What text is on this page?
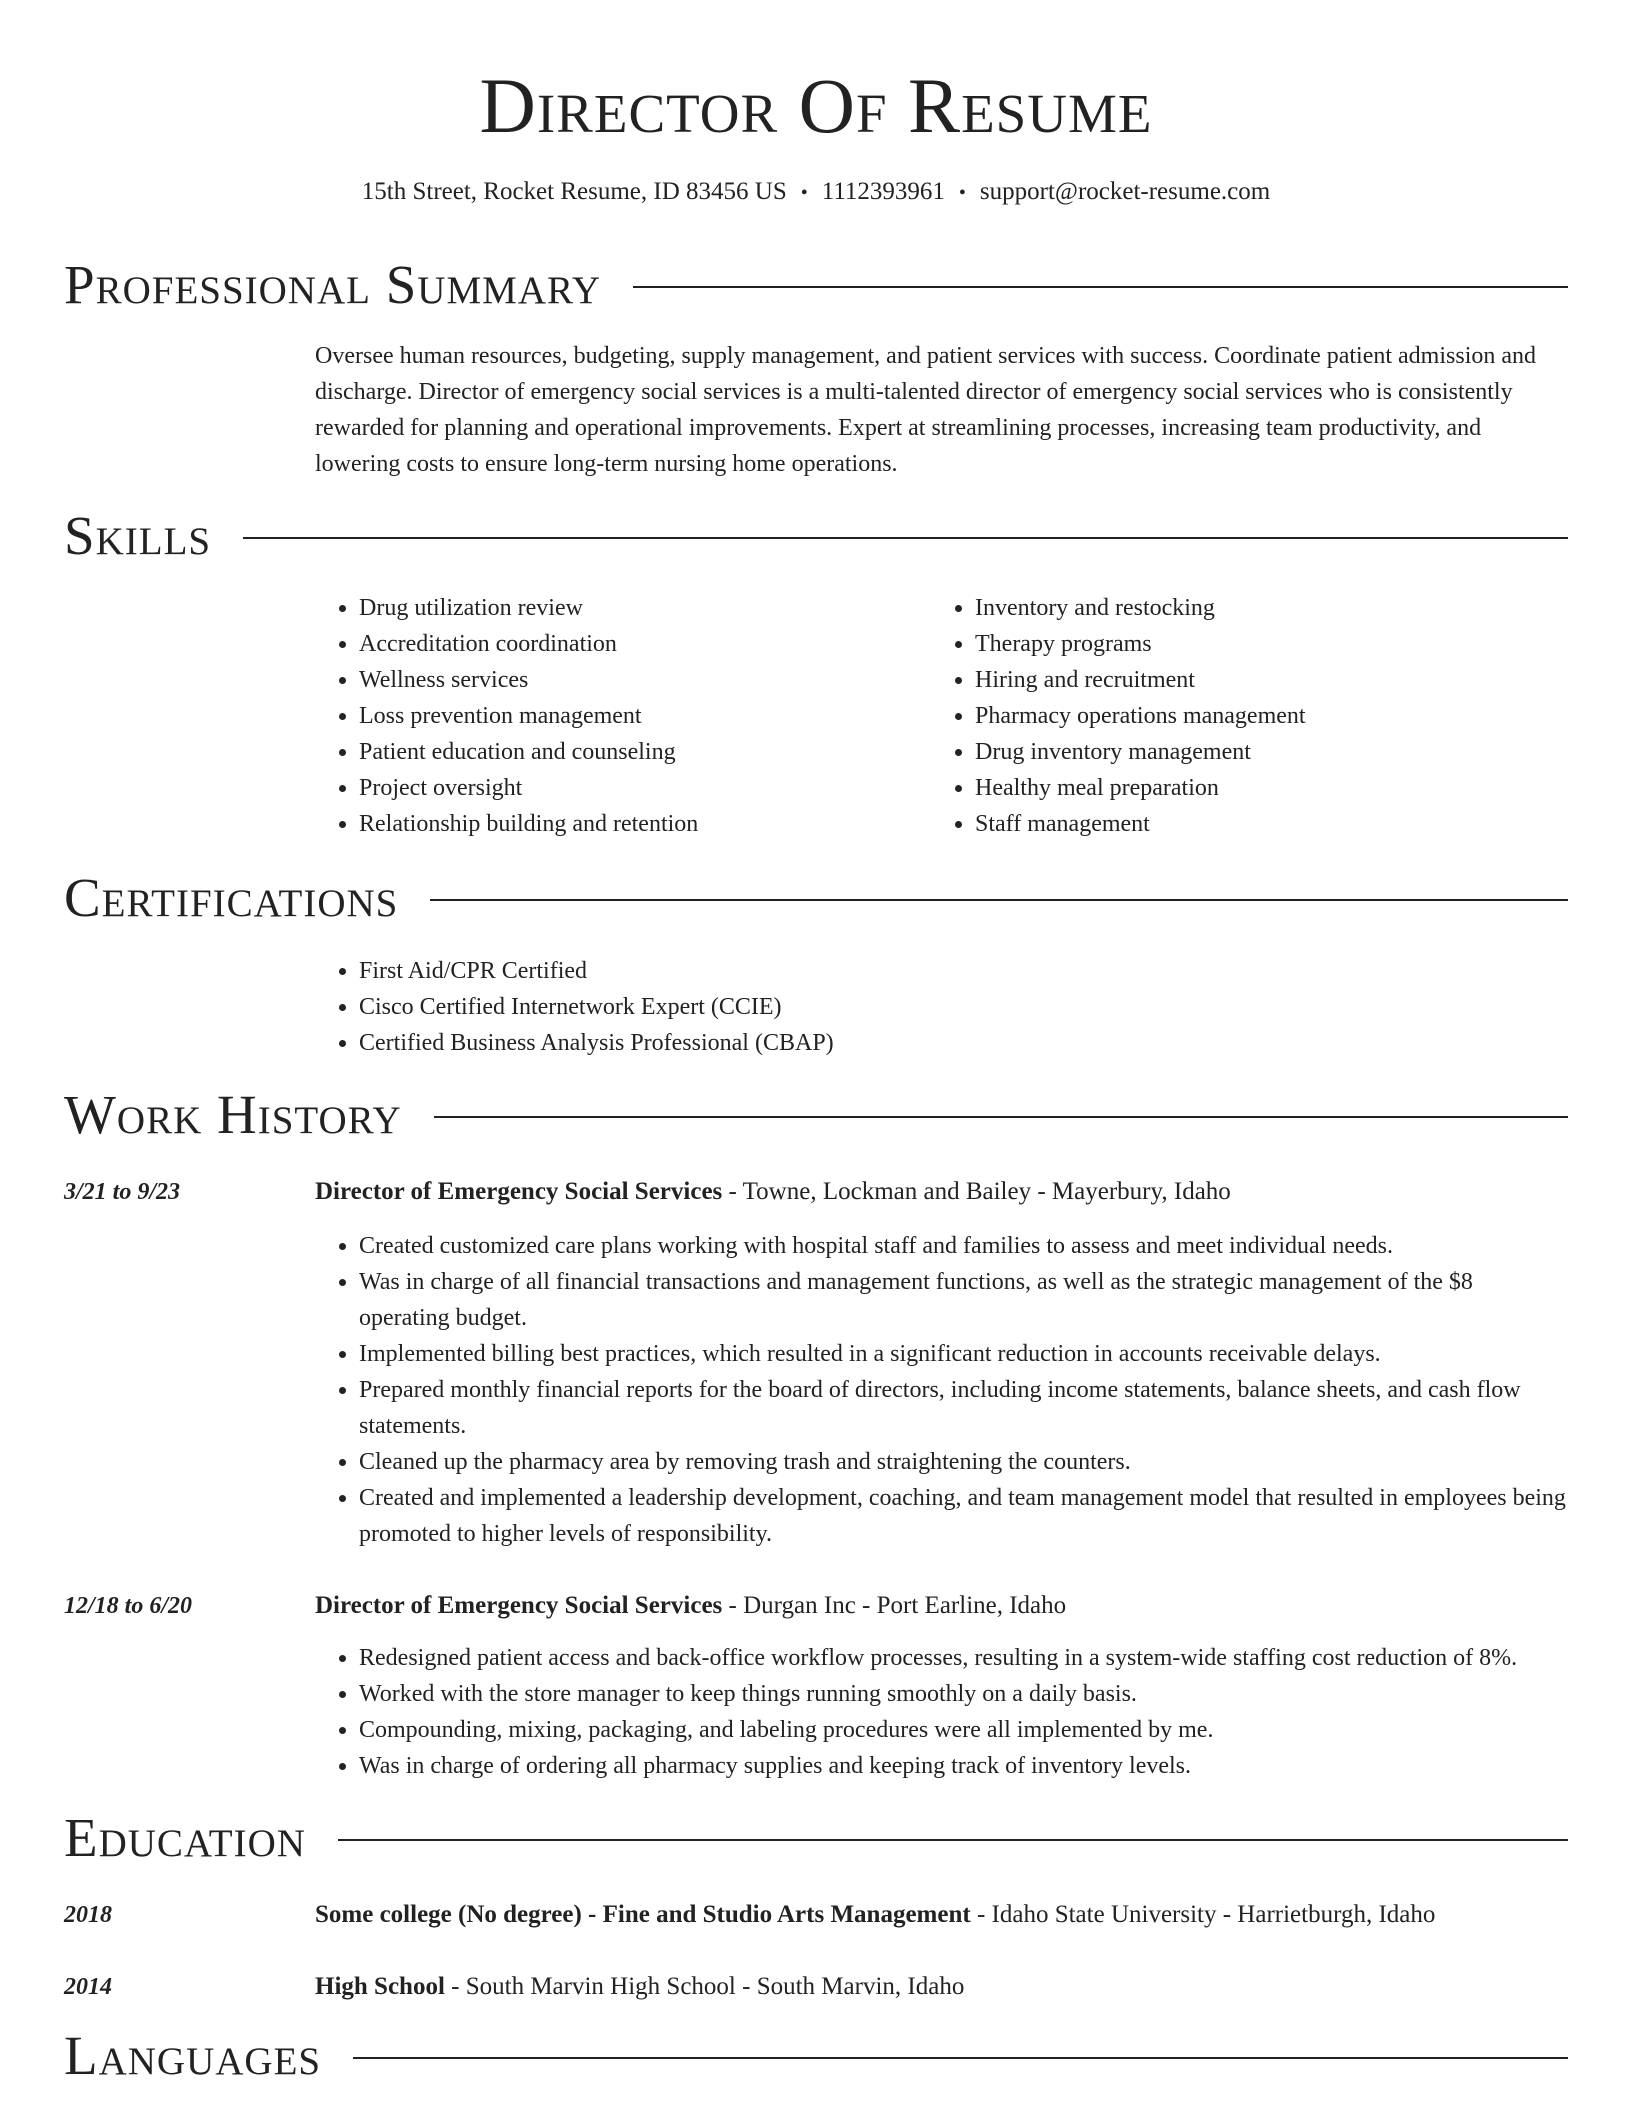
Director Of Resume
15th Street, Rocket Resume, ID 83456 US • 1112393961 • support@rocket-resume.com
Professional Summary

Oversee human resources, budgeting, supply management, and patient services with success. Coordinate patient admission and discharge. Director of emergency social services is a multi-talented director of emergency social services who is consistently rewarded for planning and operational improvements. Expert at streamlining processes, increasing team productivity, and lowering costs to ensure long-term nursing home operations.

Skills
• Drug utilization review
• Accreditation coordination
• Wellness services
• Loss prevention management
• Patient education and counseling
• Project oversight
• Relationship building and retention
• Inventory and restocking
• Therapy programs
• Hiring and recruitment
• Pharmacy operations management
• Drug inventory management
• Healthy meal preparation
• Staff management
Certifications
• First Aid/CPR Certified
• Cisco Certified Internetwork Expert (CCIE)
• Certified Business Analysis Professional (CBAP)
Work History
3/21 to 9/23	Director of Emergency Social Services - Towne, Lockman and Bailey - Mayerbury, Idaho
• Created customized care plans working with hospital staff and families to assess and meet individual needs.
• Was in charge of all financial transactions and management functions, as well as the strategic management of the $8 operating budget.
• Implemented billing best practices, which resulted in a significant reduction in accounts receivable delays.
• Prepared monthly financial reports for the board of directors, including income statements, balance sheets, and cash flow statements.
• Cleaned up the pharmacy area by removing trash and straightening the counters.
• Created and implemented a leadership development, coaching, and team management model that resulted in employees being promoted to higher levels of responsibility.
12/18 to 6/20	Director of Emergency Social Services - Durgan Inc - Port Earline, Idaho
• Redesigned patient access and back-office workflow processes, resulting in a system-wide staffing cost reduction of 8%.
• Worked with the store manager to keep things running smoothly on a daily basis.
• Compounding, mixing, packaging, and labeling procedures were all implemented by me.
• Was in charge of ordering all pharmacy supplies and keeping track of inventory levels.
Education
2018	Some college (No degree) - Fine and Studio Arts Management - Idaho State University - Harrietburgh, Idaho
2014	High School - South Marvin High School - South Marvin, Idaho
Languages
